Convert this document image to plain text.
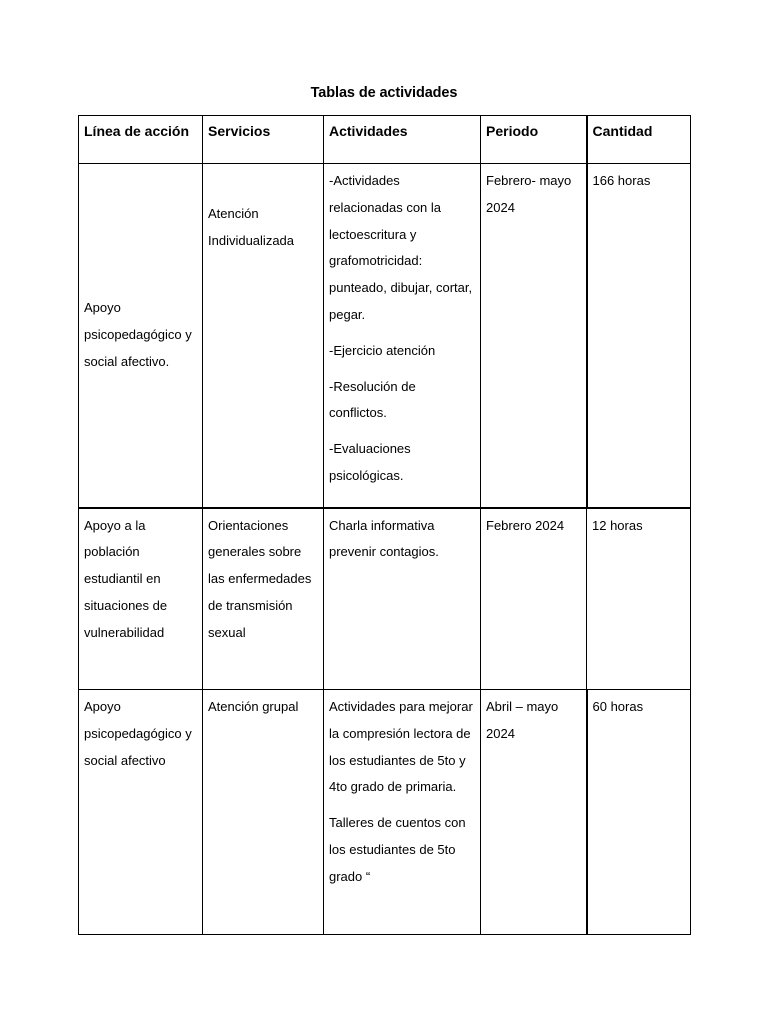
Tablas de actividades
Línea de acción	Servicios	Actividades	Periodo	Cantidad
Apoyo psicopedagógico y social afectivo.	Atención Individualizada	-Actividades relacionadas con la lectoescritura y grafomotricidad: punteado, dibujar, cortar, pegar.
-Ejercicio atención
-Resolución de conflictos.
-Evaluaciones psicológicas.	Febrero- mayo 2024	166 horas
Apoyo a la población estudiantil en situaciones de vulnerabilidad	Orientaciones generales sobre las enfermedades de transmisión sexual	Charla informativa prevenir contagios.	Febrero 2024	12 horas
Apoyo psicopedagógico y social afectivo	Atención grupal	Actividades para mejorar la compresión lectora de los estudiantes de 5to y 4to grado de primaria.
Talleres de cuentos con los estudiantes de 5to grado “	Abril – mayo 2024	60 horas
